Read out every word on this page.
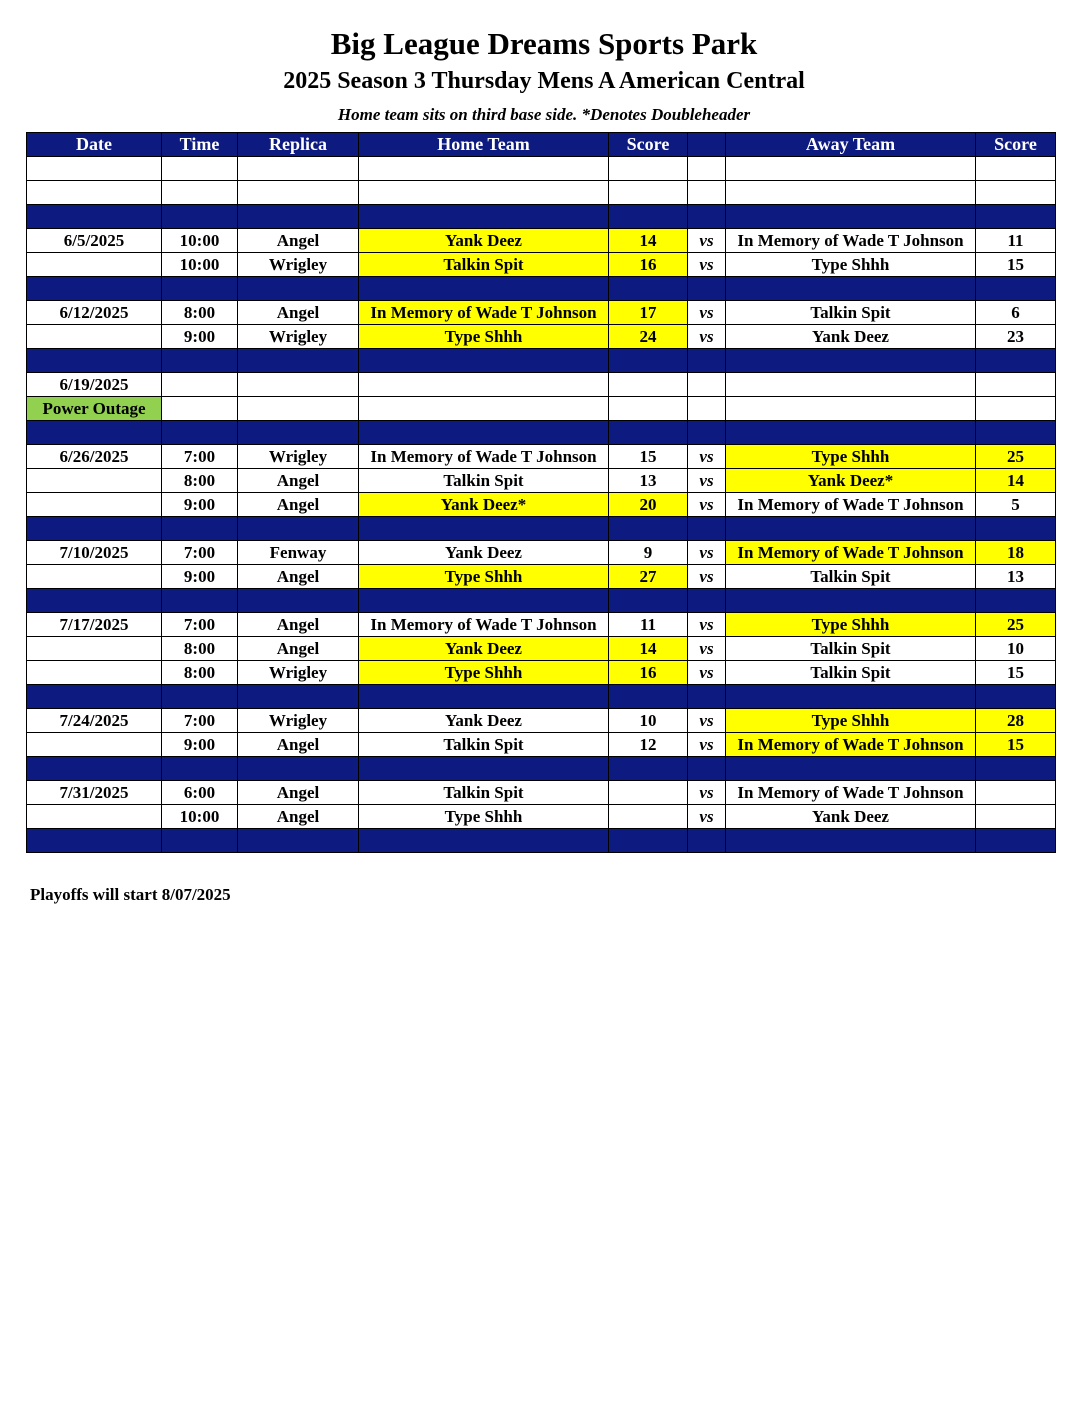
Big League Dreams Sports Park
2025 Season 3 Thursday Mens A American Central
Home team sits on third base side. *Denotes Doubleheader
Date	Time	Replica	Home Team	Score		Away Team	Score

6/5/2025	10:00	Angel	Yank Deez	14	vs	In Memory of Wade T Johnson	11

	10:00	Wrigley	Talkin Spit	16	vs	Type Shhh	15

6/12/2025	8:00	Angel	In Memory of Wade T Johnson	17	vs	Talkin Spit	6

	9:00	Wrigley	Type Shhh	24	vs	Yank Deez	23

6/19/2025							

Power Outage							

6/26/2025	7:00	Wrigley	In Memory of Wade T Johnson	15	vs	Type Shhh	25

	8:00	Angel	Talkin Spit	13	vs	Yank Deez*	14

	9:00	Angel	Yank Deez*	20	vs	In Memory of Wade T Johnson	5

7/10/2025	7:00	Fenway	Yank Deez	9	vs	In Memory of Wade T Johnson	18

	9:00	Angel	Type Shhh	27	vs	Talkin Spit	13

7/17/2025	7:00	Angel	In Memory of Wade T Johnson	11	vs	Type Shhh	25

	8:00	Angel	Yank Deez	14	vs	Talkin Spit	10

	8:00	Wrigley	Type Shhh	16	vs	Talkin Spit	15

7/24/2025	7:00	Wrigley	Yank Deez	10	vs	Type Shhh	28

	9:00	Angel	Talkin Spit	12	vs	In Memory of Wade T Johnson	15

7/31/2025	6:00	Angel	Talkin Spit		vs	In Memory of Wade T Johnson	

	10:00	Angel	Type Shhh		vs	Yank Deez	

Playoffs will start 8/07/2025
